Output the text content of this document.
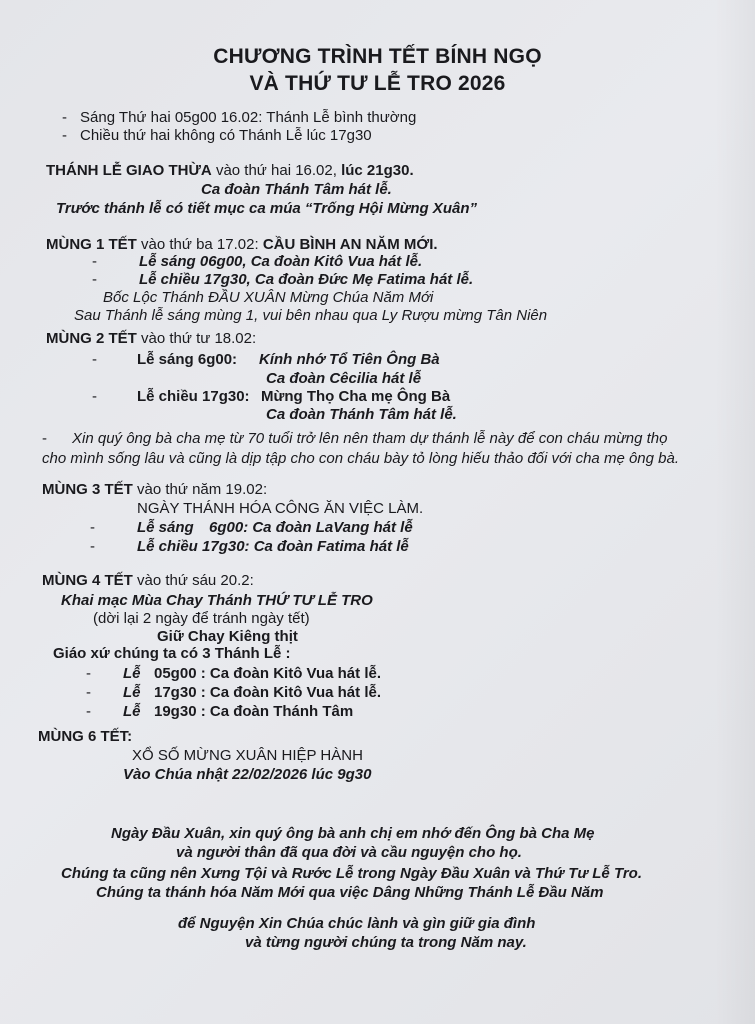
CHƯƠNG TRÌNH TẾT BÍNH NGỌ
VÀ THỨ TƯ LỄ TRO 2026
- Sáng Thứ hai 05g00 16.02: Thánh Lễ bình thường
- Chiều thứ hai không có Thánh Lễ lúc 17g30
THÁNH LỄ GIAO THỪA vào thứ hai 16.02, lúc 21g30.
Ca đoàn Thánh Tâm hát lễ.
Trước thánh lễ có tiết mục ca múa “Trống Hội Mừng Xuân”
MÙNG 1 TẾT vào thứ ba 17.02: CẦU BÌNH AN NĂM MỚI.
-	Lễ sáng 06g00, Ca đoàn Kitô Vua hát lễ.
-	Lễ chiều 17g30, Ca đoàn Đức Mẹ Fatima hát lễ.
Bốc Lộc Thánh ĐẦU XUÂN Mừng Chúa Năm Mới
Sau Thánh lễ sáng mùng 1, vui bên nhau qua Ly Rượu mừng Tân Niên
MÙNG 2 TẾT vào thứ tư 18.02:
-	Lễ sáng 6g00: Kính nhớ Tổ Tiên Ông Bà
Ca đoàn Cêcilia hát lễ
-	Lễ chiều 17g30: Mừng Thọ Cha mẹ Ông Bà
Ca đoàn Thánh Tâm hát lễ.
- Xin quý ông bà cha mẹ từ 70 tuổi trở lên nên tham dự thánh lễ này để con cháu mừng thọ
cho mình sống lâu và cũng là dịp tập cho con cháu bày tỏ lòng hiếu thảo đối với cha mẹ ông bà.
MÙNG 3 TẾT vào thứ năm 19.02:
NGÀY THÁNH HÓA CÔNG ĂN VIỆC LÀM.
-	Lễ sáng 6g00: Ca đoàn LaVang hát lễ
-	Lễ chiều 17g30: Ca đoàn Fatima hát lễ
MÙNG 4 TẾT vào thứ sáu 20.2:
Khai mạc Mùa Chay Thánh THỨ TƯ LỄ TRO
(dời lại 2 ngày để tránh ngày tết)
Giữ Chay Kiêng thịt
Giáo xứ chúng ta có 3 Thánh Lễ :
- Lễ 05g00 : Ca đoàn Kitô Vua hát lễ.
- Lễ 17g30 : Ca đoàn Kitô Vua hát lễ.
- Lễ 19g30 : Ca đoàn Thánh Tâm
MÙNG 6 TẾT:
XỔ SỐ MỪNG XUÂN HIỆP HÀNH
Vào Chúa nhật 22/02/2026 lúc 9g30
Ngày Đầu Xuân, xin quý ông bà anh chị em nhớ đến Ông bà Cha Mẹ
và người thân đã qua đời và cầu nguyện cho họ.
Chúng ta cũng nên Xưng Tội và Rước Lễ trong Ngày Đầu Xuân và Thứ Tư Lễ Tro.
Chúng ta thánh hóa Năm Mới qua việc Dâng Những Thánh Lễ Đầu Năm
để Nguyện Xin Chúa chúc lành và gìn giữ gia đình
và từng người chúng ta trong Năm nay.
